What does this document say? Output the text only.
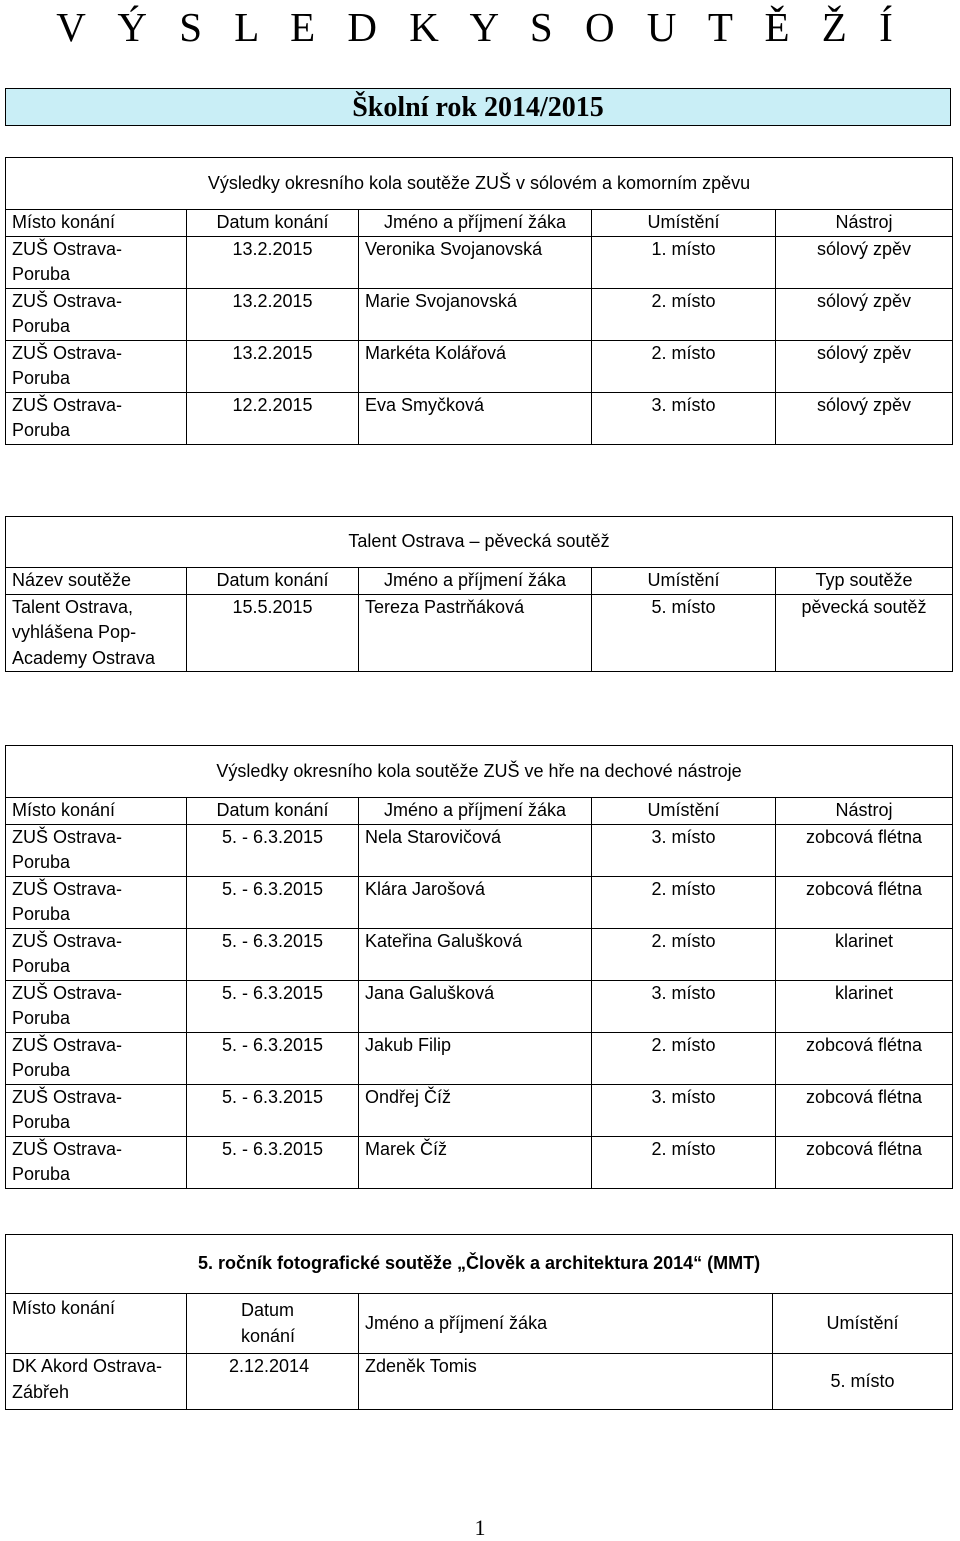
V Ý S L E D K Y S O U T Ě Ž Í
Školní rok 2014/2015
Výsledky okresního kola soutěže ZUŠ v sólovém a komorním zpěvu				
Místo konání	Datum konání	Jméno a příjmení žáka	Umístění	Nástroj
ZUŠ Ostrava-Poruba	13.2.2015	Veronika Svojanovská	1. místo	sólový zpěv
ZUŠ Ostrava-Poruba	13.2.2015	Marie Svojanovská	2. místo	sólový zpěv
ZUŠ Ostrava-Poruba	13.2.2015	Markéta Kolářová	2. místo	sólový zpěv
ZUŠ Ostrava-Poruba	12.2.2015	Eva Smyčková	3. místo	sólový zpěv
Talent Ostrava – pěvecká soutěž				
Název soutěže	Datum konání	Jméno a příjmení žáka	Umístění	Typ soutěže
Talent Ostrava, vyhlášena Pop-Academy Ostrava	15.5.2015	Tereza Pastrňáková	5. místo	pěvecká soutěž
Výsledky okresního kola soutěže ZUŠ ve hře na dechové nástroje				
Místo konání	Datum konání	Jméno a příjmení žáka	Umístění	Nástroj
ZUŠ Ostrava-Poruba	5. - 6.3.2015	Nela Starovičová	3. místo	zobcová flétna
ZUŠ Ostrava-Poruba	5. - 6.3.2015	Klára Jarošová	2. místo	zobcová flétna
ZUŠ Ostrava-Poruba	5. - 6.3.2015	Kateřina Galušková	2. místo	klarinet
ZUŠ Ostrava-Poruba	5. - 6.3.2015	Jana Galušková	3. místo	klarinet
ZUŠ Ostrava-Poruba	5. - 6.3.2015	Jakub Filip	2. místo	zobcová flétna
ZUŠ Ostrava-Poruba	5. - 6.3.2015	Ondřej Číž	3. místo	zobcová flétna
ZUŠ Ostrava-Poruba	5. - 6.3.2015	Marek Číž	2. místo	zobcová flétna
5. ročník fotografické soutěže „Člověk a architektura 2014“ (MMT)			
Místo konání	Datum konání	Jméno a příjmení žáka	Umístění
DK Akord Ostrava-Zábřeh	2.12.2014	Zdeněk Tomis	5. místo
1
